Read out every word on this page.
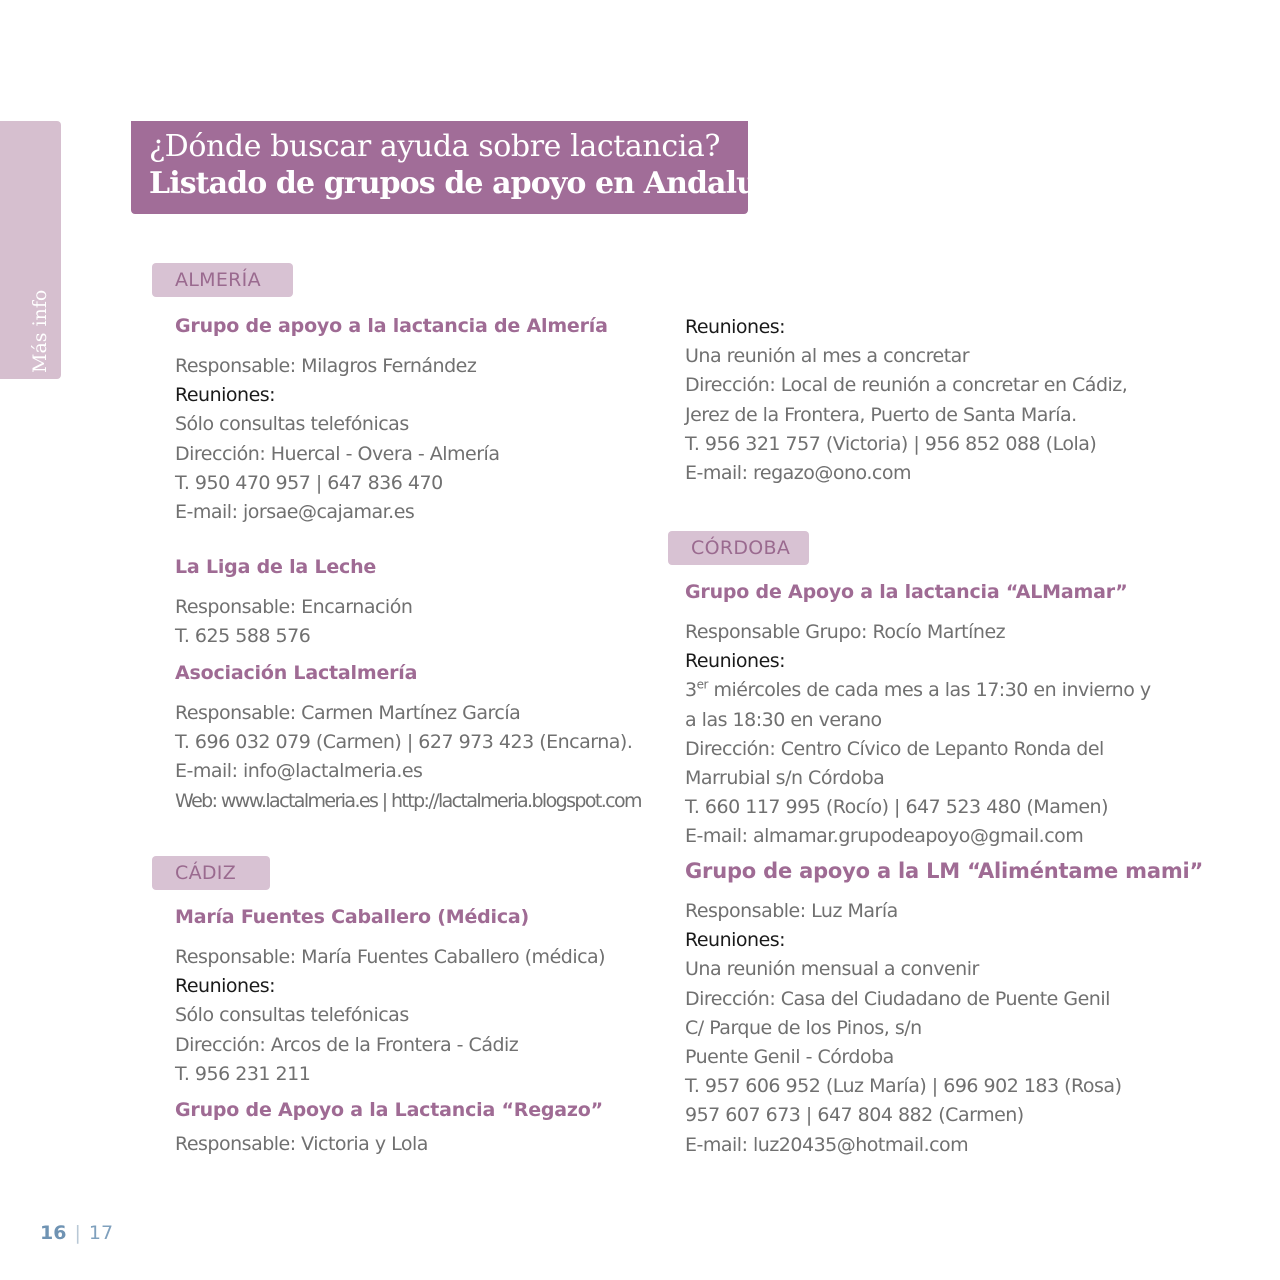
Más info
¿Dónde buscar ayuda sobre lactancia?
Listado de grupos de apoyo en Andalucía
ALMERÍA
Grupo de apoyo a la lactancia de Almería
Responsable: Milagros Fernández
Reuniones:
Sólo consultas telefónicas
Dirección: Huercal - Overa - Almería
T. 950 470 957 | 647 836 470
E-mail: jorsae@cajamar.es
La Liga de la Leche
Responsable: Encarnación
T. 625 588 576
Asociación Lactalmería
Responsable: Carmen Martínez García
T. 696 032 079 (Carmen) | 627 973 423 (Encarna).
E-mail: info@lactalmeria.es
Web: www.lactalmeria.es | http://lactalmeria.blogspot.com
CÁDIZ
María Fuentes Caballero (Médica)
Responsable: María Fuentes Caballero (médica)
Reuniones:
Sólo consultas telefónicas
Dirección: Arcos de la Frontera - Cádiz
T. 956 231 211
Grupo de Apoyo a la Lactancia “Regazo”
Responsable: Victoria y Lola
Reuniones:
Una reunión al mes a concretar
Dirección: Local de reunión a concretar en Cádiz,
Jerez de la Frontera, Puerto de Santa María.
T. 956 321 757 (Victoria) | 956 852 088 (Lola)
E-mail: regazo@ono.com
CÓRDOBA
Grupo de Apoyo a la lactancia “ALMamar”
Responsable Grupo: Rocío Martínez
Reuniones:
3er miércoles de cada mes a las 17:30 en invierno y
a las 18:30 en verano
Dirección: Centro Cívico de Lepanto Ronda del
Marrubial s/n Córdoba
T. 660 117 995 (Rocío) | 647 523 480 (Mamen)
E-mail: almamar.grupodeapoyo@gmail.com
Grupo de apoyo a la LM “Aliméntame mami”
Responsable: Luz María
Reuniones:
Una reunión mensual a convenir
Dirección: Casa del Ciudadano de Puente Genil
C/ Parque de los Pinos, s/n
Puente Genil - Córdoba
T. 957 606 952 (Luz María) | 696 902 183 (Rosa)
957 607 673 | 647 804 882 (Carmen)
E-mail: luz20435@hotmail.com
16 | 17
